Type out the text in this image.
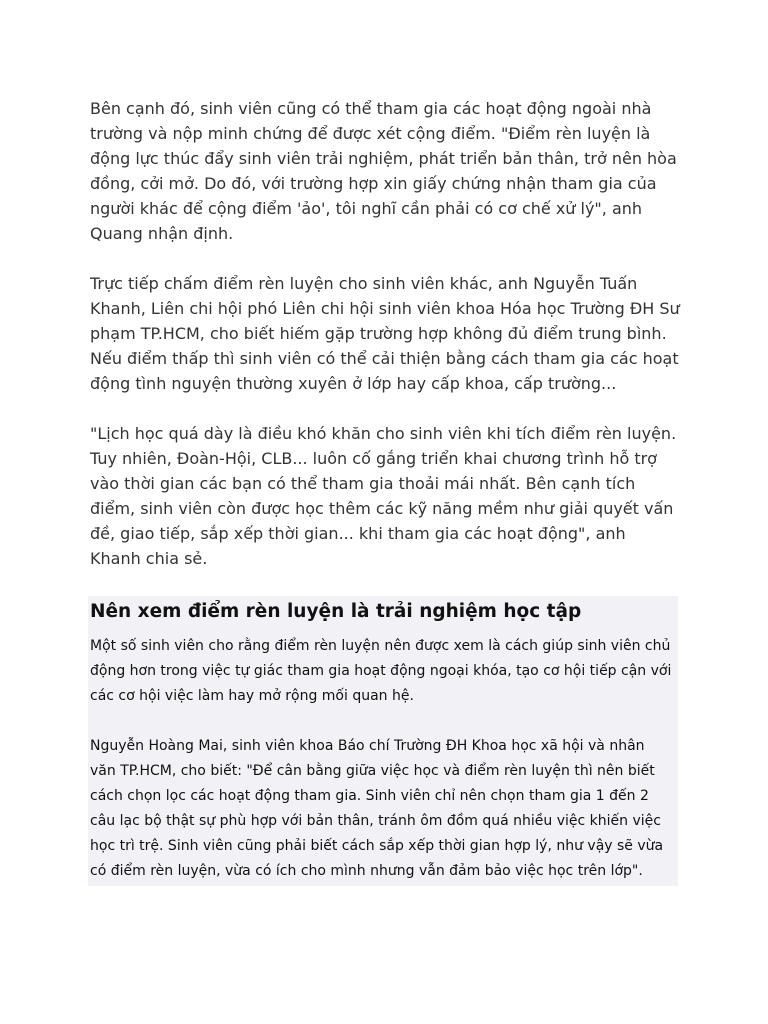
Bên cạnh đó, sinh viên cũng có thể tham gia các hoạt động ngoài nhà trường và nộp minh chứng để được xét cộng điểm. "Điểm rèn luyện là động lực thúc đẩy sinh viên trải nghiệm, phát triển bản thân, trở nên hòa đồng, cởi mở. Do đó, với trường hợp xin giấy chứng nhận tham gia của người khác để cộng điểm 'ảo', tôi nghĩ cần phải có cơ chế xử lý", anh Quang nhận định.

Trực tiếp chấm điểm rèn luyện cho sinh viên khác, anh Nguyễn Tuấn Khanh, Liên chi hội phó Liên chi hội sinh viên khoa Hóa học Trường ĐH Sư phạm TP.HCM, cho biết hiếm gặp trường hợp không đủ điểm trung bình. Nếu điểm thấp thì sinh viên có thể cải thiện bằng cách tham gia các hoạt động tình nguyện thường xuyên ở lớp hay cấp khoa, cấp trường...

"Lịch học quá dày là điều khó khăn cho sinh viên khi tích điểm rèn luyện. Tuy nhiên, Đoàn-Hội, CLB... luôn cố gắng triển khai chương trình hỗ trợ vào thời gian các bạn có thể tham gia thoải mái nhất. Bên cạnh tích điểm, sinh viên còn được học thêm các kỹ năng mềm như giải quyết vấn đề, giao tiếp, sắp xếp thời gian... khi tham gia các hoạt động", anh Khanh chia sẻ.

Nên xem điểm rèn luyện là trải nghiệm học tập

Một số sinh viên cho rằng điểm rèn luyện nên được xem là cách giúp sinh viên chủ động hơn trong việc tự giác tham gia hoạt động ngoại khóa, tạo cơ hội tiếp cận với các cơ hội việc làm hay mở rộng mối quan hệ.

Nguyễn Hoàng Mai, sinh viên khoa Báo chí Trường ĐH Khoa học xã hội và nhân văn TP.HCM, cho biết: "Để cân bằng giữa việc học và điểm rèn luyện thì nên biết cách chọn lọc các hoạt động tham gia. Sinh viên chỉ nên chọn tham gia 1 đến 2 câu lạc bộ thật sự phù hợp với bản thân, tránh ôm đồm quá nhiều việc khiến việc học trì trệ. Sinh viên cũng phải biết cách sắp xếp thời gian hợp lý, như vậy sẽ vừa có điểm rèn luyện, vừa có ích cho mình nhưng vẫn đảm bảo việc học trên lớp".
